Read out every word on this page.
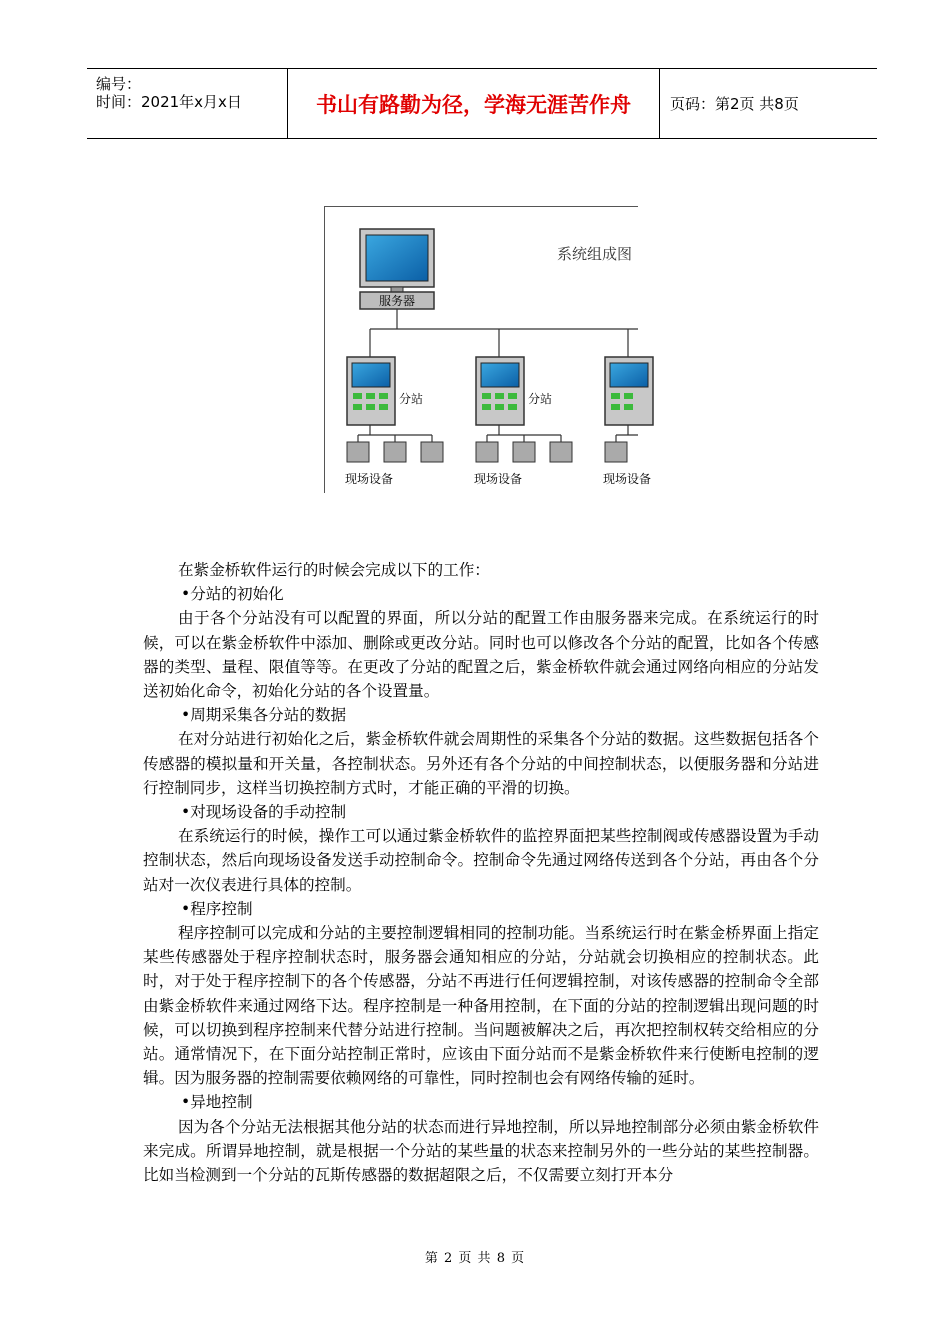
编号：
时间：2021年x月x日	书山有路勤为径，学海无涯苦作舟	页码：第2页 共8页
系统组成图
服务器
分站
现场设备
分站
现场设备	现场设备

在紫金桥软件运行的时候会完成以下的工作：

•分站的初始化

由于各个分站没有可以配置的界面，所以分站的配置工作由服务器来完成。在系统运行的时候，可以在紫金桥软件中添加、删除或更改分站。同时也可以修改各个分站的配置，比如各个传感器的类型、量程、限值等等。在更改了分站的配置之后，紫金桥软件就会通过网络向相应的分站发送初始化命令，初始化分站的各个设置量。

•周期采集各分站的数据

在对分站进行初始化之后，紫金桥软件就会周期性的采集各个分站的数据。这些数据包括各个传感器的模拟量和开关量，各控制状态。另外还有各个分站的中间控制状态，以便服务器和分站进行控制同步，这样当切换控制方式时，才能正确的平滑的切换。

•对现场设备的手动控制

在系统运行的时候，操作工可以通过紫金桥软件的监控界面把某些控制阀或传感器设置为手动控制状态，然后向现场设备发送手动控制命令。控制命令先通过网络传送到各个分站，再由各个分站对一次仪表进行具体的控制。

•程序控制

程序控制可以完成和分站的主要控制逻辑相同的控制功能。当系统运行时在紫金桥界面上指定某些传感器处于程序控制状态时，服务器会通知相应的分站，分站就会切换相应的控制状态。此时，对于处于程序控制下的各个传感器，分站不再进行任何逻辑控制，对该传感器的控制命令全部由紫金桥软件来通过网络下达。程序控制是一种备用控制，在下面的分站的控制逻辑出现问题的时候，可以切换到程序控制来代替分站进行控制。当问题被解决之后，再次把控制权转交给相应的分站。通常情况下，在下面分站控制正常时，应该由下面分站而不是紫金桥软件来行使断电控制的逻辑。因为服务器的控制需要依赖网络的可靠性，同时控制也会有网络传输的延时。

•异地控制

因为各个分站无法根据其他分站的状态而进行异地控制，所以异地控制部分必须由紫金桥软件来完成。所谓异地控制，就是根据一个分站的某些量的状态来控制另外的一些分站的某些控制器。比如当检测到一个分站的瓦斯传感器的数据超限之后，不仅需要立刻打开本分

第 2 页 共 8 页
